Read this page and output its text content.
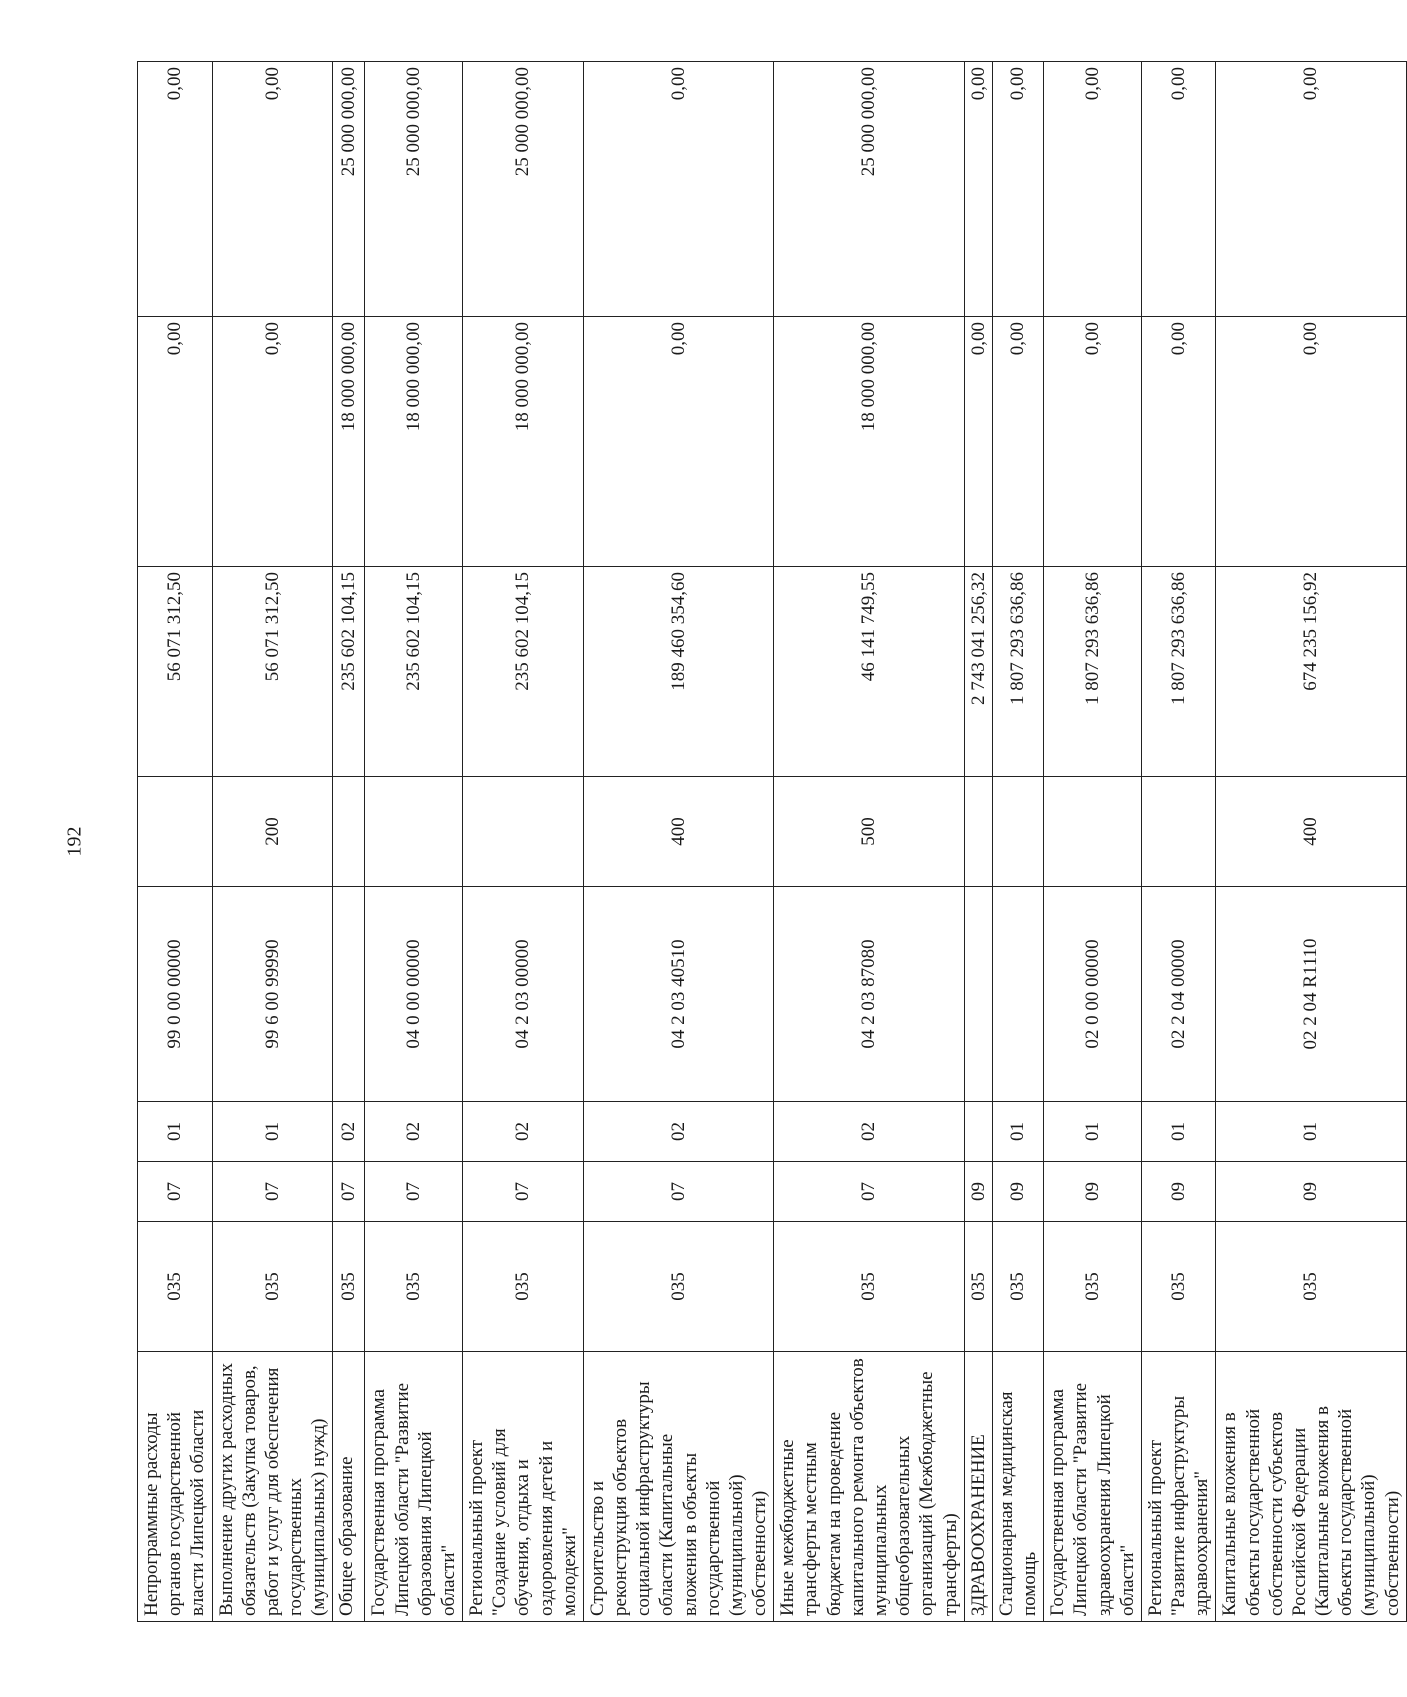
192
Непрограммные расходы органов государственной власти Липецкой области	035	07	01	99 0 00 00000		56 071 312,50	0,00	0,00
Выполнение других расходных обязательств (Закупка товаров, работ и услуг для обеспечения государственных (муниципальных) нужд)	035	07	01	99 6 00 99990	200	56 071 312,50	0,00	0,00
Общее образование	035	07	02			235 602 104,15	18 000 000,00	25 000 000,00
Государственная программа Липецкой области "Развитие образования Липецкой области"	035	07	02	04 0 00 00000		235 602 104,15	18 000 000,00	25 000 000,00
Региональный проект "Создание условий для обучения, отдыха и оздоровления детей и молодежи"	035	07	02	04 2 03 00000		235 602 104,15	18 000 000,00	25 000 000,00
Строительство и реконструкция объектов социальной инфраструктуры области (Капитальные вложения в объекты государственной (муниципальной) собственности)	035	07	02	04 2 03 40510	400	189 460 354,60	0,00	0,00
Иные межбюджетные трансферты местным бюджетам на проведение капитального ремонта объектов муниципальных общеобразовательных организаций (Межбюджетные трансферты)	035	07	02	04 2 03 87080	500	46 141 749,55	18 000 000,00	25 000 000,00
ЗДРАВООХРАНЕНИЕ	035	09				2 743 041 256,32	0,00	0,00
Стационарная медицинская помощь	035	09	01			1 807 293 636,86	0,00	0,00
Государственная программа Липецкой области "Развитие здравоохранения Липецкой области"	035	09	01	02 0 00 00000		1 807 293 636,86	0,00	0,00
Региональный проект "Развитие инфраструктуры здравоохранения"	035	09	01	02 2 04 00000		1 807 293 636,86	0,00	0,00
Капитальные вложения в объекты государственной собственности субъектов Российской Федерации (Капитальные вложения в объекты государственной (муниципальной) собственности)	035	09	01	02 2 04 R1110	400	674 235 156,92	0,00	0,00
